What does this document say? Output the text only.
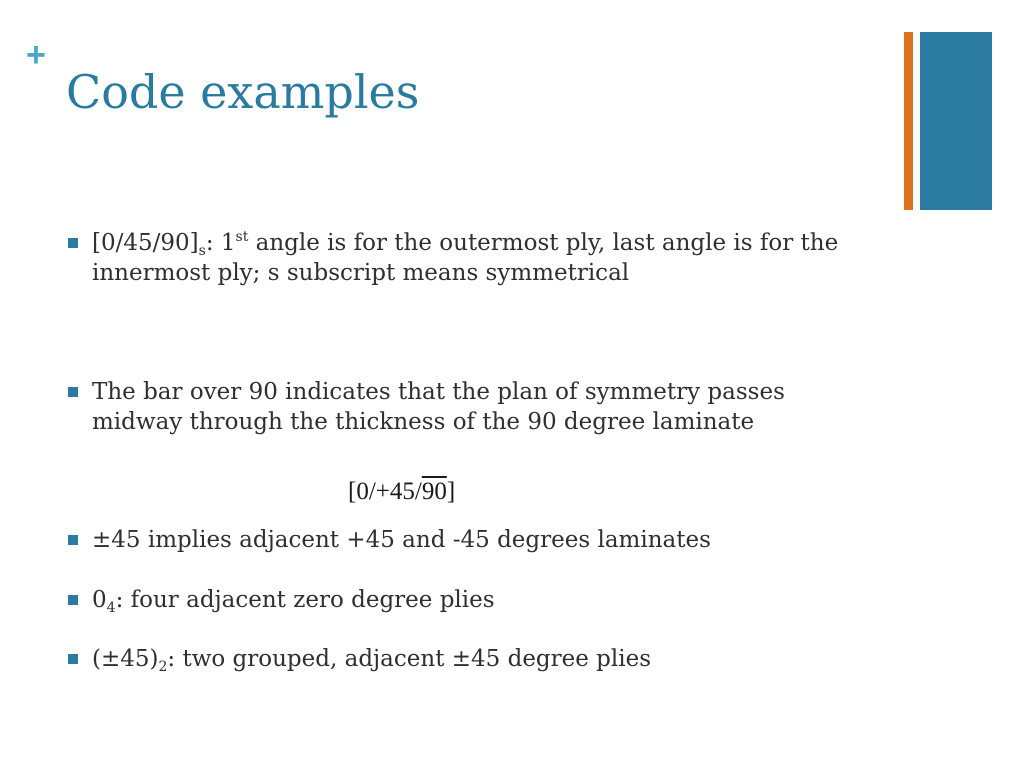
+
Code examples
$[0/45/90]_s$: 1st angle is for the outermost ply, last angle is for the innermost ply; s subscript means symmetrical
The bar over 90 indicates that the plan of symmetry passes midway through the thickness of the 90 degree laminate
[0/+45/90]
±45 implies adjacent +45 and -45 degrees laminates
$0_4$: four adjacent zero degree plies
$(\pm 45)_2$: two grouped, adjacent ±45 degree plies
